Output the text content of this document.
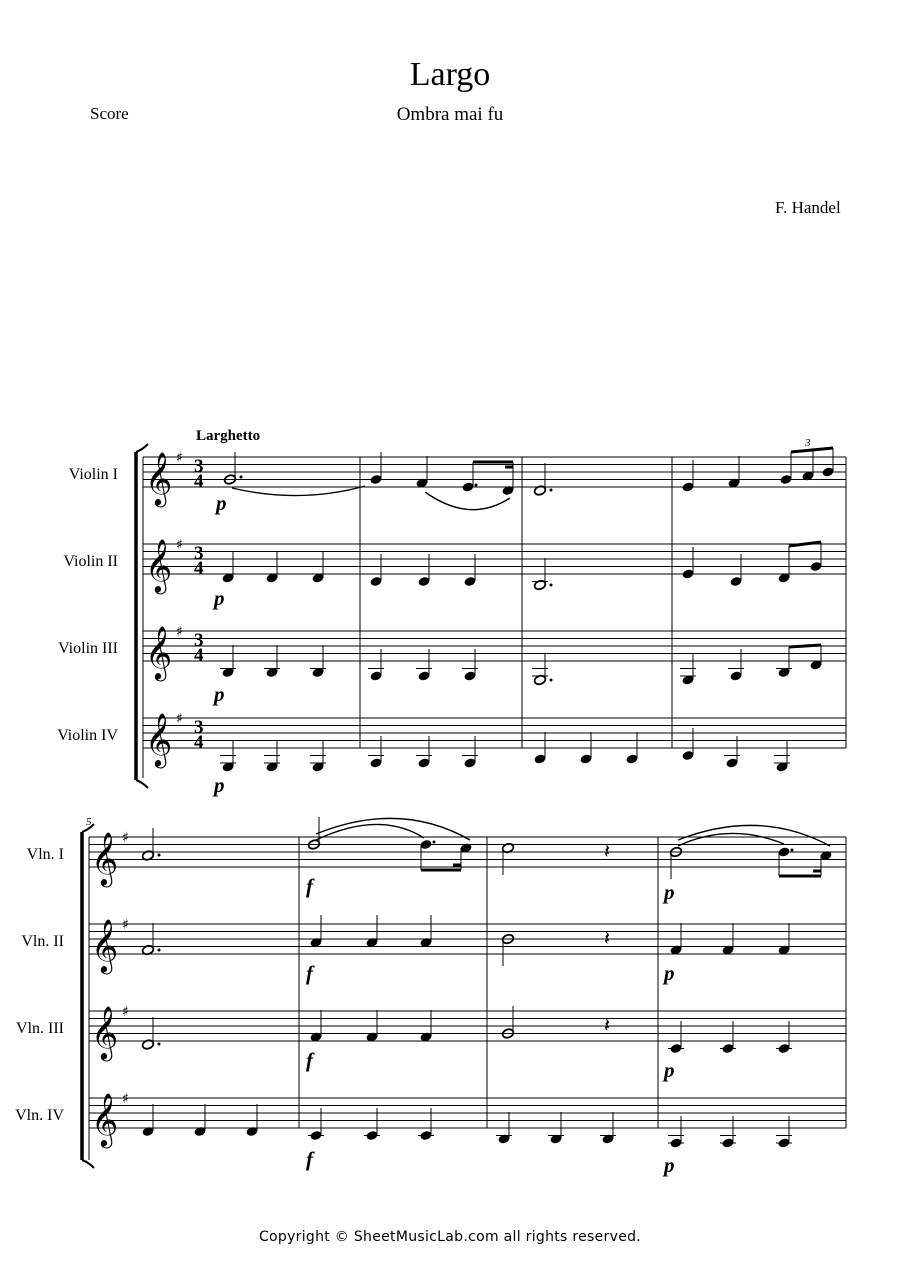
Largo
Ombra mai fu
Score
F. Handel
Larghetto
Violin I
Violin II
Violin III
Violin IV
𝄞
𝄞
𝄞
𝄞
♯
♯
♯
♯
3
4
3
4
3
4
3
4
3
p
p
p
p
5
Vln. I
Vln. II
Vln. III
Vln. IV
𝄞
𝄞
𝄞
𝄞
♯
♯
♯
♯
𝄽
𝄽
𝄽
f	p
f	p
f	p
f	p
Copyright © SheetMusicLab.com all rights reserved.
